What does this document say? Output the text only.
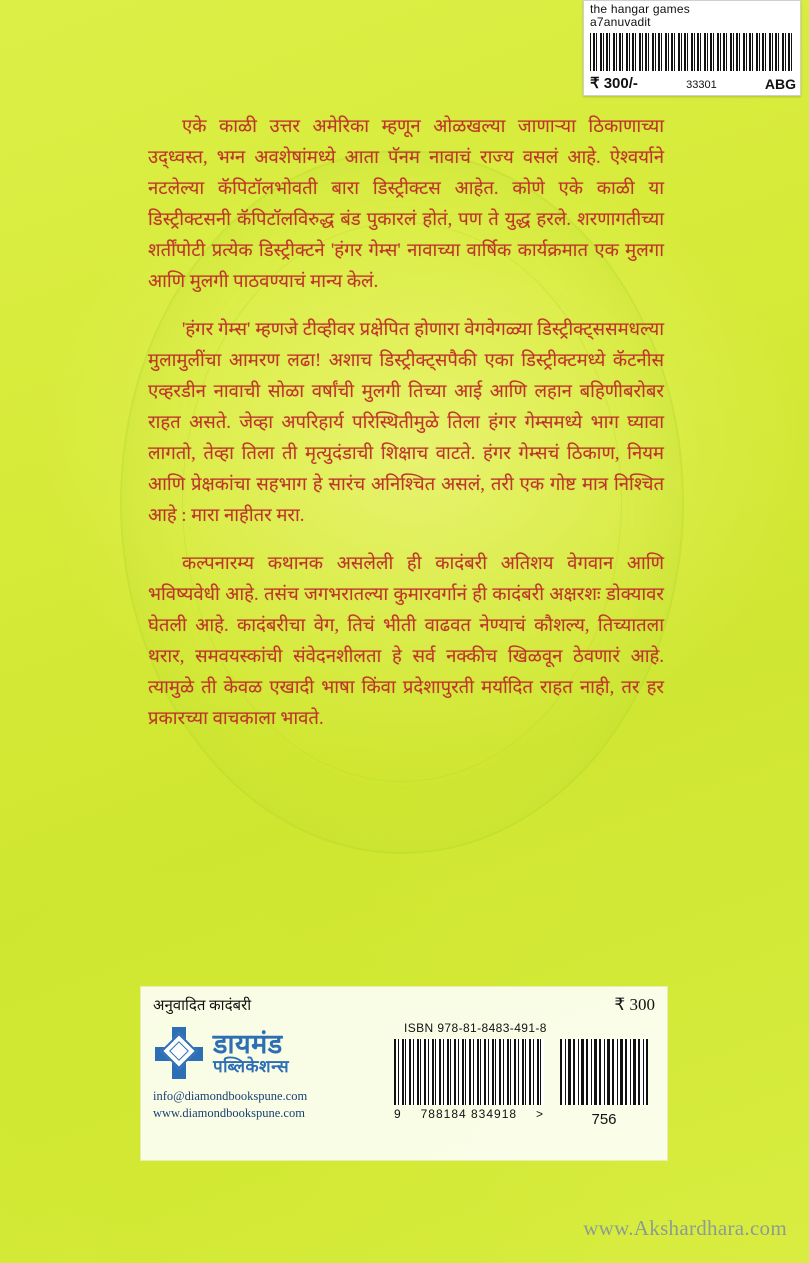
the hangar games
a7anuvadit
₹ 300/-	33301	ABG

एके काळी उत्तर अमेरिका म्हणून ओळखल्या जाणाऱ्या ठिकाणाच्या उद्ध्वस्त, भग्न अवशेषांमध्ये आता पॅनम नावाचं राज्य वसलं आहे. ऐश्वर्याने नटलेल्या कॅपिटॉलभोवती बारा डिस्ट्रीक्टस आहेत. कोणे एके काळी या डिस्ट्रीक्टसनी कॅपिटॉलविरुद्ध बंड पुकारलं होतं, पण ते युद्ध हरले. शरणागतीच्या शर्तींपोटी प्रत्येक डिस्ट्रीक्टने 'हंगर गेम्स' नावाच्या वार्षिक कार्यक्रमात एक मुलगा आणि मुलगी पाठवण्याचं मान्य केलं.

'हंगर गेम्स' म्हणजे टीव्हीवर प्रक्षेपित होणारा वेगवेगळ्या डिस्ट्रीक्ट्ससमधल्या मुलामुलींचा आमरण लढा! अशाच डिस्ट्रीक्ट्सपैकी एका डिस्ट्रीक्टमध्ये कॅटनीस एव्हरडीन नावाची सोळा वर्षांची मुलगी तिच्या आई आणि लहान बहिणीबरोबर राहत असते. जेव्हा अपरिहार्य परिस्थितीमुळे तिला हंगर गेम्समध्ये भाग घ्यावा लागतो, तेव्हा तिला ती मृत्युदंडाची शिक्षाच वाटते. हंगर गेम्सचं ठिकाण, नियम आणि प्रेक्षकांचा सहभाग हे सारंच अनिश्चित असलं, तरी एक गोष्ट मात्र निश्चित आहे : मारा नाहीतर मरा.

कल्पनारम्य कथानक असलेली ही कादंबरी अतिशय वेगवान आणि भविष्यवेधी आहे. तसंच जगभरातल्या कुमारवर्गानं ही कादंबरी अक्षरशः डोक्यावर घेतली आहे. कादंबरीचा वेग, तिचं भीती वाढवत नेण्याचं कौशल्य, तिच्यातला थरार, समवयस्कांची संवेदनशीलता हे सर्व नक्कीच खिळवून ठेवणारं आहे. त्यामुळे ती केवळ एखादी भाषा किंवा प्रदेशापुरती मर्यादित राहत नाही, तर हर प्रकारच्या वाचकाला भावते.

अनुवादित कादंबरी	₹ 300
डायमंड
पब्लिकेशन्स
info@diamondbookspune.com
www.diamondbookspune.com
ISBN 978-81-8483-491-8
9 788184 834918 >	756
www.Akshardhara.com
